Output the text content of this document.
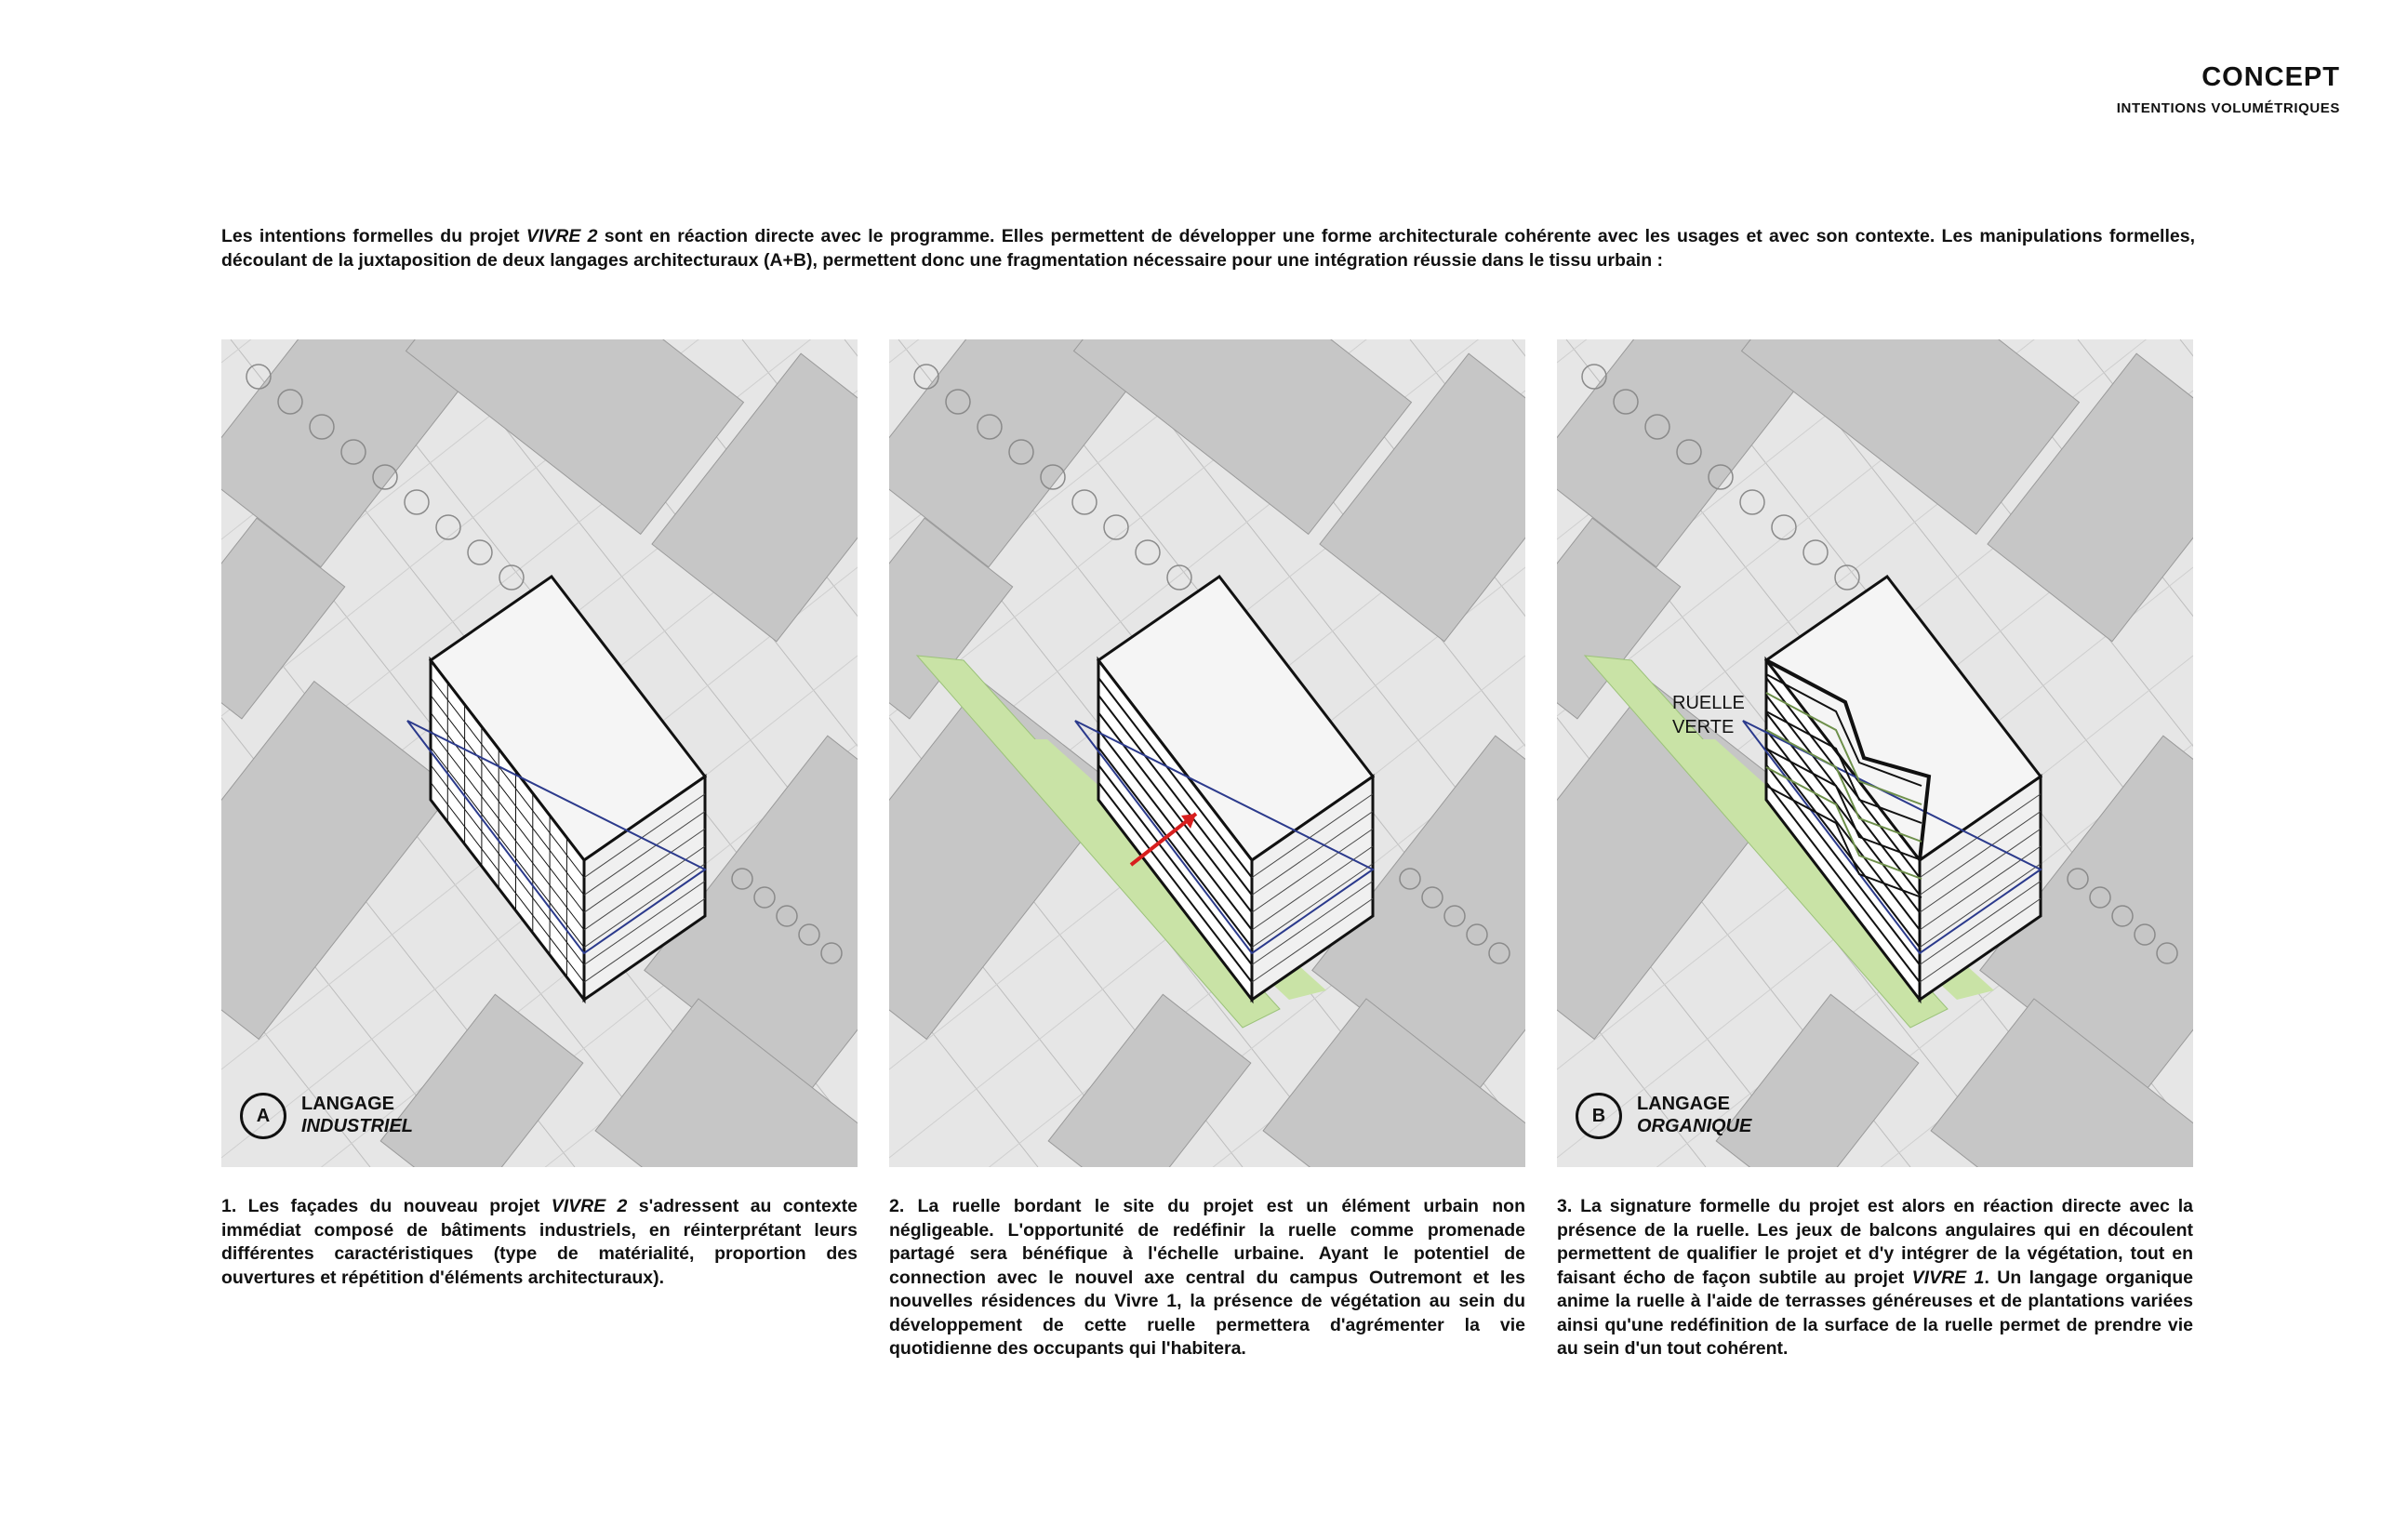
CONCEPT
INTENTIONS VOLUMÉTRIQUES
Les intentions formelles du projet VIVRE 2 sont en réaction directe avec le programme. Elles permettent de développer une forme architecturale cohérente avec les usages et avec son contexte. Les manipulations formelles, découlant de la juxtaposition de deux langages architecturaux (A+B), permettent donc une fragmentation nécessaire pour une intégration réussie dans le tissu urbain :
A
LANGAGE
INDUSTRIEL
RUELLE
VERTE
B
LANGAGE
ORGANIQUE
1. Les façades du nouveau projet VIVRE 2 s'adressent au contexte immédiat composé de bâtiments industriels, en réinterprétant leurs différentes caractéristiques (type de matérialité, proportion des ouvertures et répétition d'éléments architecturaux).
2. La ruelle bordant le site du projet est un élément urbain non négligeable. L'opportunité de redéfinir la ruelle comme promenade partagé sera bénéfique à l'échelle urbaine. Ayant le potentiel de connection avec le nouvel axe central du campus Outremont et les nouvelles résidences du Vivre 1, la présence de végétation au sein du développement de cette ruelle permettera d'agrémenter la vie quotidienne des occupants qui l'habitera.
3. La signature formelle du projet est alors en réaction directe avec la présence de la ruelle. Les jeux de balcons angulaires qui en découlent permettent de qualifier le projet et d'y intégrer de la végétation, tout en faisant écho de façon subtile au projet VIVRE 1. Un langage organique anime la ruelle à l'aide de terrasses généreuses et de plantations variées ainsi qu'une redéfinition de la surface de la ruelle permet de prendre vie au sein d'un tout cohérent.
